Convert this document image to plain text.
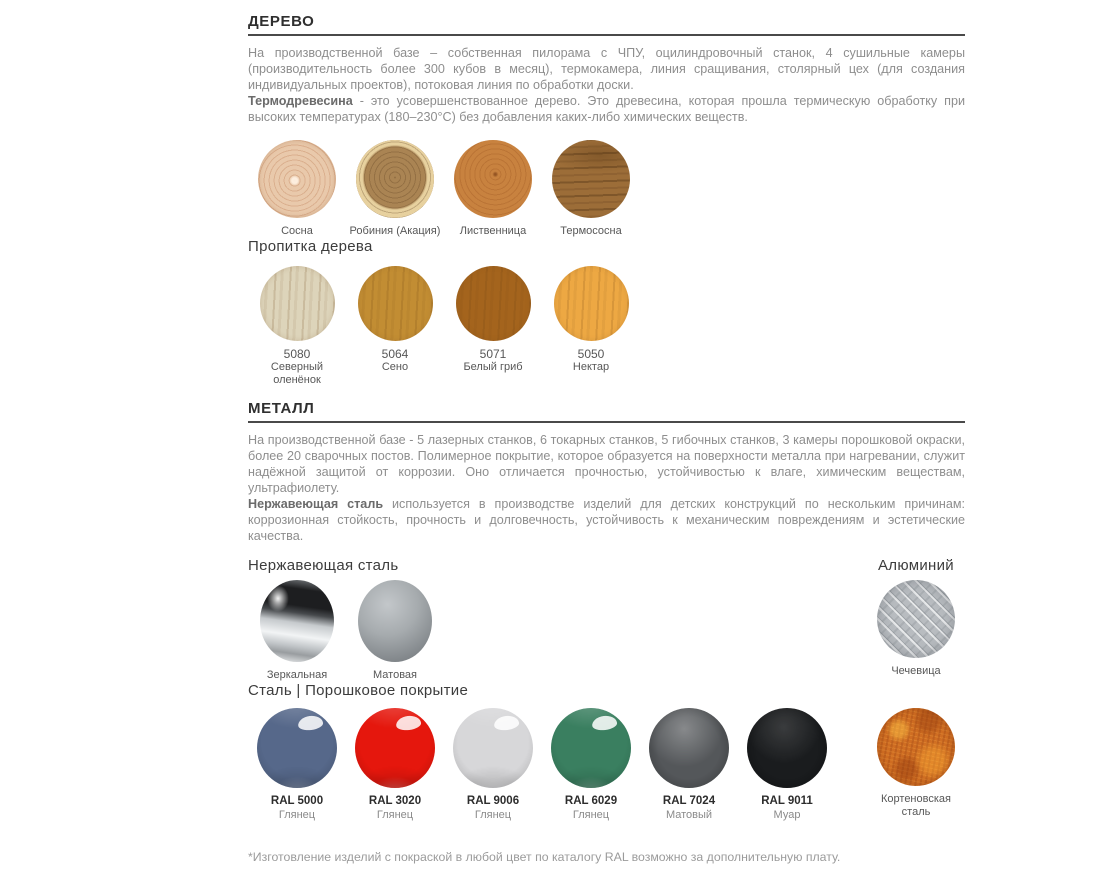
ДЕРЕВО

На производственной базе – собственная пилорама с ЧПУ, оцилиндровочный станок, 4 сушильные камеры (производительность более 300 кубов в месяц), термокамера, линия сращивания, столярный цех (для создания индивидуальных проектов), потоковая линия по обработки доски.

Термодревесина - это усовершенствованное дерево. Это древесина, которая прошла термическую обработку при высоких температурах (180–230°С) без добавления каких-либо химических веществ.

Сосна	Робиния (Акация)	Лиственница	Термососна
Пропитка дерева
5080
Северный оленёнок
5064
Сено
5071
Белый гриб
5050
Нектар
МЕТАЛЛ

На производственной базе - 5 лазерных станков, 6 токарных станков, 5 гибочных станков, 3 камеры порошковой окраски, более 20 сварочных постов. Полимерное покрытие, которое образуется на поверхности металла при нагревании, служит надёжной защитой от коррозии. Оно отличается прочностью, устойчивостью к влаге, химическим веществам, ультрафиолету.

Нержавеющая сталь используется в производстве изделий для детских конструкций по нескольким причинам: коррозионная стойкость, прочность и долговечность, устойчивость к механическим повреждениям и эстетические качества.

Нержавеющая сталь	Алюминий
Зеркальная	Матовая	Чечевица
Сталь | Порошковое покрытие
RAL 5000
Глянец
RAL 3020
Глянец
RAL 9006
Глянец
RAL 6029
Глянец
RAL 7024
Матовый
RAL 9011
Муар
Кортеновская сталь

*Изготовление изделий с покраской в любой цвет по каталогу RAL возможно за дополнительную плату.
